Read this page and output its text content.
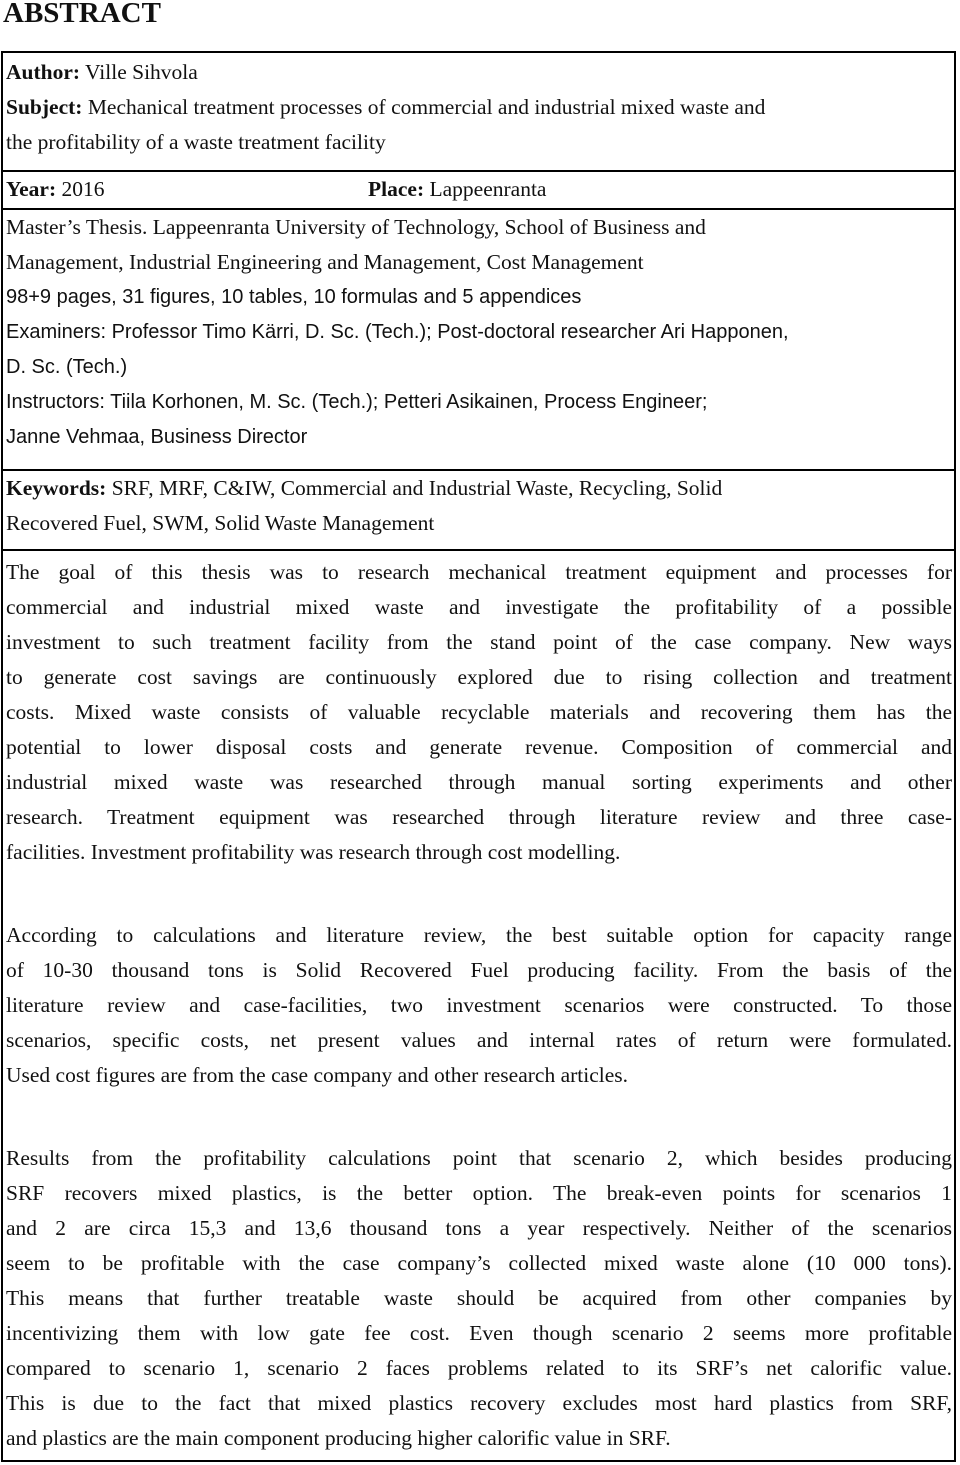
ABSTRACT
Author: Ville Sihvola
Subject: Mechanical treatment processes of commercial and industrial mixed waste and
the profitability of a waste treatment facility
Year: 2016	Place: Lappeenranta
Master’s Thesis. Lappeenranta University of Technology, School of Business and
Management, Industrial Engineering and Management, Cost Management
98+9 pages, 31 figures, 10 tables, 10 formulas and 5 appendices
Examiners: Professor Timo Kärri, D. Sc. (Tech.); Post-doctoral researcher Ari Happonen,
D. Sc. (Tech.)
Instructors: Tiila Korhonen, M. Sc. (Tech.); Petteri Asikainen, Process Engineer;
Janne Vehmaa, Business Director
Keywords: SRF, MRF, C&IW, Commercial and Industrial Waste, Recycling, Solid
Recovered Fuel, SWM, Solid Waste Management
The goal of this thesis was to research mechanical treatment equipment and processes for
commercial and industrial mixed waste and investigate the profitability of a possible
investment to such treatment facility from the stand point of the case company. New ways
to generate cost savings are continuously explored due to rising collection and treatment
costs. Mixed waste consists of valuable recyclable materials and recovering them has the
potential to lower disposal costs and generate revenue. Composition of commercial and
industrial mixed waste was researched through manual sorting experiments and other
research. Treatment equipment was researched through literature review and three case-
facilities. Investment profitability was research through cost modelling.
According to calculations and literature review, the best suitable option for capacity range
of 10-30 thousand tons is Solid Recovered Fuel producing facility. From the basis of the
literature review and case-facilities, two investment scenarios were constructed. To those
scenarios, specific costs, net present values and internal rates of return were formulated.
Used cost figures are from the case company and other research articles.
Results from the profitability calculations point that scenario 2, which besides producing
SRF recovers mixed plastics, is the better option. The break-even points for scenarios 1
and 2 are circa 15,3 and 13,6 thousand tons a year respectively. Neither of the scenarios
seem to be profitable with the case company’s collected mixed waste alone (10 000 tons).
This means that further treatable waste should be acquired from other companies by
incentivizing them with low gate fee cost. Even though scenario 2 seems more profitable
compared to scenario 1, scenario 2 faces problems related to its SRF’s net calorific value.
This is due to the fact that mixed plastics recovery excludes most hard plastics from SRF,
and plastics are the main component producing higher calorific value in SRF.
